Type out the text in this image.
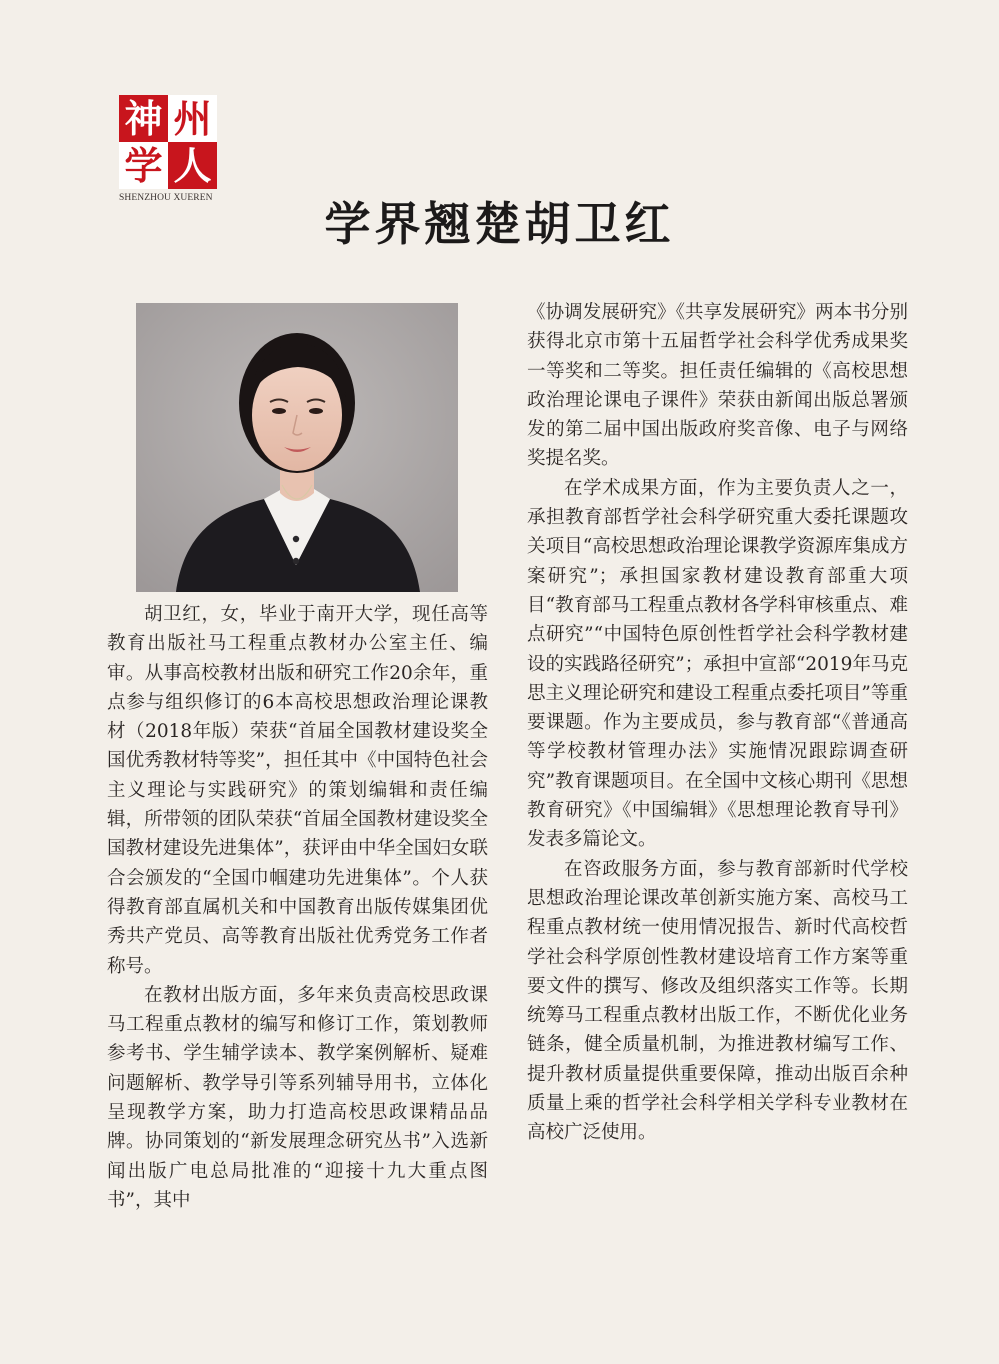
神 州
学 人
SHENZHOU XUEREN	学界翘楚胡卫红

胡卫红，女，毕业于南开大学，现任高等教育出版社马工程重点教材办公室主任、编审。从事高校教材出版和研究工作20余年，重点参与组织修订的6本高校思想政治理论课教材（2018年版）荣获“首届全国教材建设奖全国优秀教材特等奖”，担任其中《中国特色社会主义理论与实践研究》的策划编辑和责任编辑，所带领的团队荣获“首届全国教材建设奖全国教材建设先进集体”，获评由中华全国妇女联合会颁发的“全国巾帼建功先进集体”。个人获得教育部直属机关和中国教育出版传媒集团优秀共产党员、高等教育出版社优秀党务工作者称号。

在教材出版方面，多年来负责高校思政课马工程重点教材的编写和修订工作，策划教师参考书、学生辅学读本、教学案例解析、疑难问题解析、教学导引等系列辅导用书，立体化呈现教学方案，助力打造高校思政课精品品牌。协同策划的“新发展理念研究丛书”入选新闻出版广电总局批准的“迎接十九大重点图书”，其中

《协调发展研究》《共享发展研究》两本书分别获得北京市第十五届哲学社会科学优秀成果奖一等奖和二等奖。担任责任编辑的《高校思想政治理论课电子课件》荣获由新闻出版总署颁发的第二届中国出版政府奖音像、电子与网络奖提名奖。

在学术成果方面，作为主要负责人之一，承担教育部哲学社会科学研究重大委托课题攻关项目“高校思想政治理论课教学资源库集成方案研究”；承担国家教材建设教育部重大项目“教育部马工程重点教材各学科审核重点、难点研究”“中国特色原创性哲学社会科学教材建设的实践路径研究”；承担中宣部“2019年马克思主义理论研究和建设工程重点委托项目”等重要课题。作为主要成员，参与教育部“《普通高等学校教材管理办法》实施情况跟踪调查研究”教育课题项目。在全国中文核心期刊《思想教育研究》《中国编辑》《思想理论教育导刊》发表多篇论文。

在咨政服务方面，参与教育部新时代学校思想政治理论课改革创新实施方案、高校马工程重点教材统一使用情况报告、新时代高校哲学社会科学原创性教材建设培育工作方案等重要文件的撰写、修改及组织落实工作等。长期统筹马工程重点教材出版工作，不断优化业务链条，健全质量机制，为推进教材编写工作、提升教材质量提供重要保障，推动出版百余种质量上乘的哲学社会科学相关学科专业教材在高校广泛使用。
